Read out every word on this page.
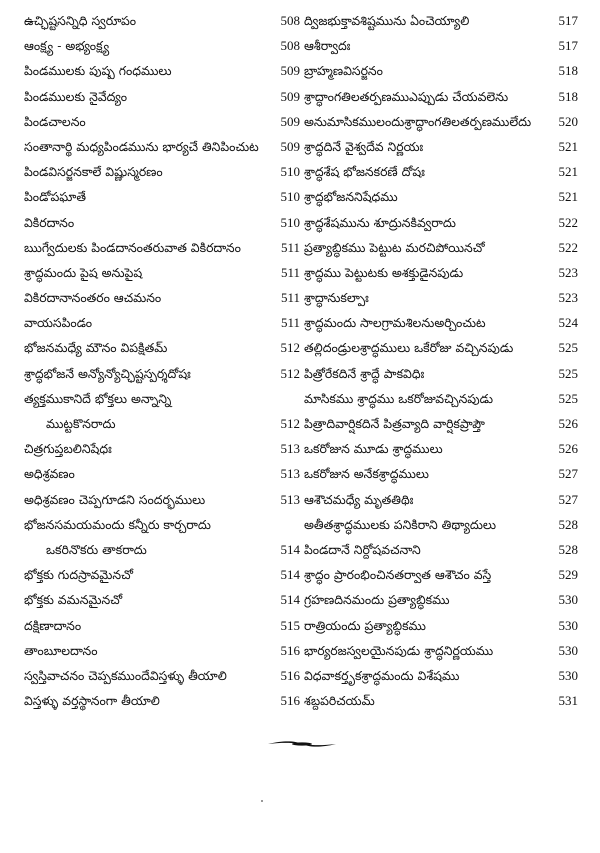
ఉచ్ఛిష్టసన్నిధి స్వరూపం	508
ఆంక్ష్య - అభ్యంక్ష్య	508
పిండములకు పుష్ప గంధములు	509
పిండములకు నైవేద్యం	509
పిండచాలనం	509
సంతానార్థి మధ్యపిండమును భార్యచే తినిపించుట	509
పిండవిసర్జనకాలే విష్ణుస్మరణం	510
పిండోపఘాతే	510
వికిరదానం	510
ఋగ్వేదులకు పిండదానంతరువాత వికిరదానం	511
శ్రాద్ధమందు పైష అనుపైష	511
వికిరదానానంతరం ఆచమనం	511
వాయసపిండం	511
భోజనమధ్యే మౌనం విపక్షితమ్	512
శ్రాద్ధభోజనే అన్యోన్యోచ్ఛిష్టస్పర్శదోషః	512
త్యక్తముకానిదే భోక్తలు అన్నాన్ని
ముట్టకొనరాదు	512
చిత్రగుప్తబలినిషేధః	513
అధిశ్రవణం	513
అధిశ్రవణం చెప్పగూడని సందర్భములు	513
భోజనసమయమందు కన్నీరు కార్చరాదు
ఒకరినొకరు తాకరాదు	514
భోక్తకు గుదస్రావమైనచో	514
భోక్తకు వమనమైనచో	514
దక్షిణాదానం	515
తాంబూలదానం	516
స్వస్తివాచనం చెప్పకముందేవిస్తళ్ళు తీయాలి	516
విస్తళ్ళు వర్తస్థానంగా తీయాలి	516
ద్విజభుక్తావశిష్టమును ఏంచెయ్యాలి	517
ఆశీర్వాదః	517
బ్రాహ్మణవిసర్జనం	518
శ్రాద్ధాంగతిలతర్పణముఎప్పుడు చేయవలెను	518
అనుమాసికములందుశ్రాద్ధాంగతిలతర్పణములేదు	520
శ్రాద్ధదినే వైశ్వదేవ నిర్ణయః	521
శ్రాద్ధశేష భోజనకరణే దోషః	521
శ్రాద్ధభోజననిషేధము	521
శ్రాద్ధశేషమును శూద్రునకివ్వరాదు	522
ప్రత్యాబ్ధికము పెట్టుట మరచిపోయినచో	522
శ్రాద్ధము పెట్టుటకు అశక్తుడైనపుడు	523
శ్రాద్ధానుకల్పాః	523
శ్రాద్ధమందు సాలగ్రామశిలనుఅర్చించుట	524
తల్లిదండ్రులశ్రాద్ధములు ఒకేరోజు వచ్చినపుడు	525
పిత్రోరేకదినే శ్రాద్ధే పాకవిధిః	525
మాసికము శ్రాద్ధము ఒకరోజువచ్చినపుడు	525
పిత్రాదివార్షికదినే పిత్రవ్యాది వార్షికప్రాప్తౌ	526
ఒకరోజున మూడు శ్రాద్ధములు	526
ఒకరోజున అనేకశ్రాద్ధములు	527
ఆశౌచమధ్యే మృతతిథిః	527
అతీతశ్రాద్ధములకు పనికిరాని తిథ్యాదులు	528
పిండదానే నిర్దోషవచనాని	528
శ్రాద్ధం ప్రారంభించినతర్వాత ఆశౌచం వస్తే	529
గ్రహణదినమందు ప్రత్యాబ్ధికము	530
రాత్రియందు ప్రత్యాబ్ధికము	530
భార్యరజస్వలయైనపుడు శ్రాద్ధనిర్ణయము	530
విధవాకర్తృకశ్రాద్ధమందు విశేషము	530
శబ్దపరిచయమ్	531
